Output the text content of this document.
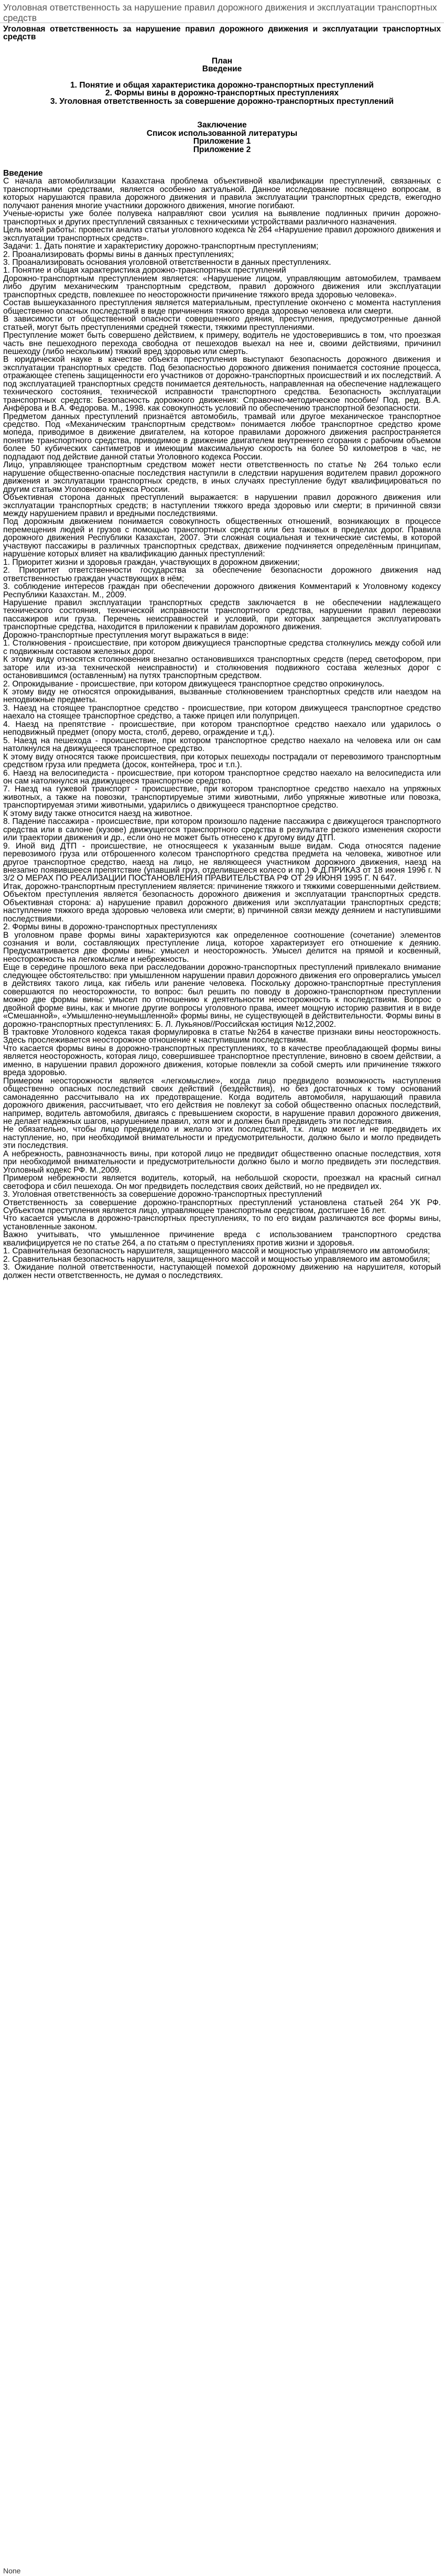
Уголовная ответственность за нарушение правил дорожного движения и эксплуатации транспортных средств

Уголовная ответственность за нарушение правил дорожного движения и эксплуатации транспортных средств

План

Введение

1. Понятие и общая характеристика дорожно-транспортных преступлений

2. Формы вины в дорожно-транспортных преступлениях

3. Уголовная ответственность за совершение дорожно-транспортных преступлений

Заключение

Список использованной литературы

Приложение 1

Приложение 2

Введение

С начала автомобилизации Казахстана проблема объективной квалификации преступлений, связанных с транспортными средствами, является особенно актуальной. Данное исследование посвящено вопросам, в которых нарушаются правила дорожного движения и правила эксплуатации транспортных средств, ежегодно получают ранения многие участники дорожного движения, многие погибают.

Ученые-юристы уже более полувека направляют свои усилия на выявление подлинных причин дорожно-транспортных и других преступлений связанных с техническими устройствами различного назначения.

Цель моей работы: провести анализ статьи уголовного кодекса № 264 «Нарушение правил дорожного движения и эксплуатации транспортных средств».

Задачи: 1. Дать понятие и характеристику дорожно-транспортным преступлениям;

2. Проанализировать формы вины в данных преступлениях;

3. Проанализировать основания уголовной ответственности в данных преступлениях.

1. Понятие и общая характеристика дорожно-транспортных преступлений

Дорожно-транспортным преступлением является: «Нарушение лицом, управляющим автомобилем, трамваем либо другим механическим транспортным средством, правил дорожного движения или эксплуатации транспортных средств, повлекшее по неосторожности причинение тяжкого вреда здоровью человека».

Состав вышеуказанного преступления является материальным, преступление окончено с момента наступления общественно опасных последствий в виде причинения тяжкого вреда здоровью человека или смерти.

В зависимости от общественной опасности совершенного деяния, преступления, предусмотренные данной статьей, могут быть преступлениями средней тяжести, тяжкими преступлениями.

Преступление может быть совершено действием, к примеру, водитель не удостоверившись в том, что проезжая часть вне пешеходного перехода свободна от пешеходов выехал на нее и, своими действиями, причинил пешеходу (либо нескольким) тяжкий вред здоровью или смерть.

В юридической науке в качестве объекта преступления выступают безопасность дорожного движения и эксплуатации транспортных средств. Под безопасностью дорожного движения понимается состояние процесса, отражающее степень защищенности его участников от дорожно-транспортных происшествий и их последствий. А под эксплуатацией транспортных средств понимается деятельность, направленная на обеспечение надлежащего технического состояния, технической исправности транспортного средства. Безопасность эксплуатации транспортных средств: Безопасность дорожного движения: Справочно-методическое пособие/ Под. ред. В.А. Анфёрова и В.А. Федорова. М., 1998. как совокупность условий по обеспечению транспортной безопасности.

Предметом данных преступлений признаётся автомобиль, трамвай или другое механическое транспортное средство. Под «Механическим транспортным средством» понимается любое транспортное средство кроме мопеда, приводимое в движение двигателем, на которое правилами дорожного движения распространяется понятие транспортного средства, приводимое в движение двигателем внутреннего сгорания с рабочим объемом более 50 кубических сантиметров и имеющим максимальную скорость на более 50 километров в час, не подпадают под действие данной статьи Уголовного кодекса России.

Лицо, управляющее транспортным средством может нести ответственность по статье № 264 только если нарушение общественно-опасные последствия наступили в следствии нарушения водителем правил дорожного движения и эксплуатации транспортных средств, в иных случаях преступление будут квалифицироваться по другим статьям Уголовного кодекса России.

Объективная сторона данных преступлений выражается: в нарушении правил дорожного движения или эксплуатации транспортных средств; в наступлении тяжкого вреда здоровью или смерти; в причинной связи между нарушением правил и вредными последствиями.

Под дорожным движением понимается совокупность общественных отношений, возникающих в процессе перемещения людей и грузов с помощью транспортных средств или без таковых в пределах дорог. Правила дорожного движения Республики Казахстан, 2007. Эти сложная социальная и технические системы, в которой участвуют пассажиры в различных транспортных средствах, движение подчиняется определённым принципам, нарушение которых влияет на квалификацию данных преступлений:

1. Приоритет жизни и здоровья граждан, участвующих в дорожном движении;

2. Приоритет ответственности государства за обеспечение безопасности дорожного движения над ответственностью граждан участвующих в нём;

3. соблюдение интересов граждан при обеспечении дорожного движения Комментарий к Уголовному кодексу Республики Казахстан. М., 2009.

Нарушение правил эксплуатации транспортных средств заключается в не обеспечении надлежащего технического состояния, технической исправности транспортного средства, нарушении правил перевозки пассажиров или груза. Перечень неисправностей и условий, при которых запрещается эксплуатировать транспортные средства, находится в приложении к правилам дорожного движения.

Дорожно-транспортные преступления могут выражаться в виде:

1. Столкновения - происшествие, при котором движущиеся транспортные средства столкнулись между собой или с подвижным составом железных дорог.

К этому виду относятся столкновения внезапно остановившихся транспортных средств (перед светофором, при заторе или из-за технической неисправности) и столкновения подвижного состава железных дорог с остановившимся (оставленным) на путях транспортным средством.

2. Опрокидывание - происшествие, при котором движущееся транспортное средство опрокинулось.

К этому виду не относятся опрокидывания, вызванные столкновением транспортных средств или наездом на неподвижные предметы.

3. Наезд на стоящее транспортное средство - происшествие, при котором движущееся транспортное средство наехало на стоящее транспортное средство, а также прицеп или полуприцеп.

4. Наезд на препятствие - происшествие, при котором транспортное средство наехало или ударилось о неподвижный предмет (опору моста, столб, дерево, ограждение и т.д.).

5. Наезд на пешехода - происшествие, при котором транспортное средство наехало на человека или он сам натолкнулся на движущееся транспортное средство.

К этому виду относятся также происшествия, при которых пешеходы пострадали от перевозимого транспортным средством груза или предмета (досок, контейнера, трос и т.п.).

6. Наезд на велосипедиста - происшествие, при котором транспортное средство наехало на велосипедиста или он сам натолкнулся на движущееся транспортное средство.

7. Наезд на гужевой транспорт - происшествие, при котором транспортное средство наехало на упряжных животных, а также на повозки, транспортируемые этими животными, либо упряжные животные или повозка, транспортируемая этими животными, ударились о движущееся транспортное средство.

К этому виду также относится наезд на животное.

8. Падение пассажира - происшествие, при котором произошло падение пассажира с движущегося транспортного средства или в салоне (кузове) движущегося транспортного средства в результате резкого изменения скорости или траектории движения и др., если оно не может быть отнесено к другому виду ДТП.

9. Иной вид ДТП - происшествие, не относящееся к указанным выше видам. Сюда относятся падение перевозимого груза или отброшенного колесом транспортного средства предмета на человека, животное или другое транспортное средство, наезд на лицо, не являющееся участником дорожного движения, наезд на внезапно появившееся препятствие (упавший груз, отделившееся колесо и пр.) Ф.Д.ПРИКАЗ от 18 июня 1996 г. N 3/2 О МЕРАХ ПО РЕАЛИЗАЦИИ ПОСТАНОВЛЕНИЯ ПРАВИТЕЛЬСТВА РФ ОТ 29 ИЮНЯ 1995 Г. N 647.

Итак, дорожно-транспортным преступлением является: причинение тяжкого и тяжкими совершенными действием. Объектом преступления является безопасность дорожного движения и эксплуатации транспортных средств. Объективная сторона: а) нарушение правил дорожного движения или эксплуатации транспортных средств; наступление тяжкого вреда здоровью человека или смерти; в) причинной связи между деянием и наступившими последствиями.

2. Формы вины в дорожно-транспортных преступлениях

В уголовном праве формы вины характеризуются как определенное соотношение (сочетание) элементов сознания и воли, составляющих преступление лица, которое характеризует его отношение к деянию. Предусматривается две формы вины: умысел и неосторожность. Умысел делится на прямой и косвенный, неосторожность на легкомыслие и небрежность.

Еще в середине прошлого века при расследовании дорожно-транспортных преступлений привлекало внимание следующее обстоятельство: при умышленном нарушении правил дорожного движения его опровергались умысел в действиях такого лица, как гибель или ранение человека. Поскольку дорожно-транспортные преступления совершаются по неосторожности, то вопрос: был решить по поводу в дорожно-транспортном преступлении можно две формы вины: умысел по отношению к деятельности неосторожность к последствиям. Вопрос о двойной форме вины, как и многие другие вопросы уголовного права, имеет мощную историю развития и в виде «Смешанной», «Умышленно-неумышленной» формы вины, не существующей в действительности. Формы вины в дорожно-транспортных преступлениях: Б. Л. Лукьянов//Российская юстиция №12,2002.

В трактовке Уголовного кодекса такая формулировка в статье №264 в качестве признаки вины неосторожность. Здесь прослеживается неосторожное отношение к наступившим последствиям.

Что касается формы вины в дорожно-транспортных преступлениях, то в качестве преобладающей формы вины является неосторожность, которая лицо, совершившее транспортное преступление, виновно в своем действии, а именно, в нарушении правил дорожного движения, которые повлекли за собой смерть или причинение тяжкого вреда здоровью.

Примером неосторожности является «легкомыслие», когда лицо предвидело возможность наступления общественно опасных последствий своих действий (бездействия), но без достаточных к тому оснований самонадеянно рассчитывало на их предотвращение. Когда водитель автомобиля, нарушающий правила дорожного движения, рассчитывает, что его действия не повлекут за собой общественно опасных последствий, например, водитель автомобиля, двигаясь с превышением скорости, в нарушение правил дорожного движения, не делает надежных шагов, нарушением правил, хотя мог и должен был предвидеть эти последствия.

Не обязательно, чтобы лицо предвидело и желало этих последствий, т.к. лицо может и не предвидеть их наступление, но, при необходимой внимательности и предусмотрительности, должно было и могло предвидеть эти последствия.

А небрежность, равнозначность вины, при которой лицо не предвидит общественно опасные последствия, хотя при необходимой внимательности и предусмотрительности должно было и могло предвидеть эти последствия. Уголовный кодекс РФ. М.,2009.

Примером небрежности является водитель, который, на небольшой скорости, проезжал на красный сигнал светофора и сбил пешехода. Он мог предвидеть последствия своих действий, но не предвидел их.

3. Уголовная ответственность за совершение дорожно-транспортных преступлений

Ответственность за совершение дорожно-транспортных преступлений установлена статьей 264 УК РФ. Субъектом преступления является лицо, управляющее транспортным средством, достигшее 16 лет.

Что касается умысла в дорожно-транспортных преступлениях, то по его видам различаются все формы вины, установленные законом.

Важно учитывать, что умышленное причинение вреда с использованием транспортного средства квалифицируется не по статье 264, а по статьям о преступлениях против жизни и здоровья.

1. Сравнительная безопасность нарушителя, защищенного массой и мощностью управляемого им автомобиля;

2. Сравнительная безопасность нарушителя, защищенного массой и мощностью управляемого им автомобиля;

3. Ожидание полной ответственности, наступающей помехой дорожному движению на нарушителя, который должен нести ответственность, не думая о последствиях.

None
